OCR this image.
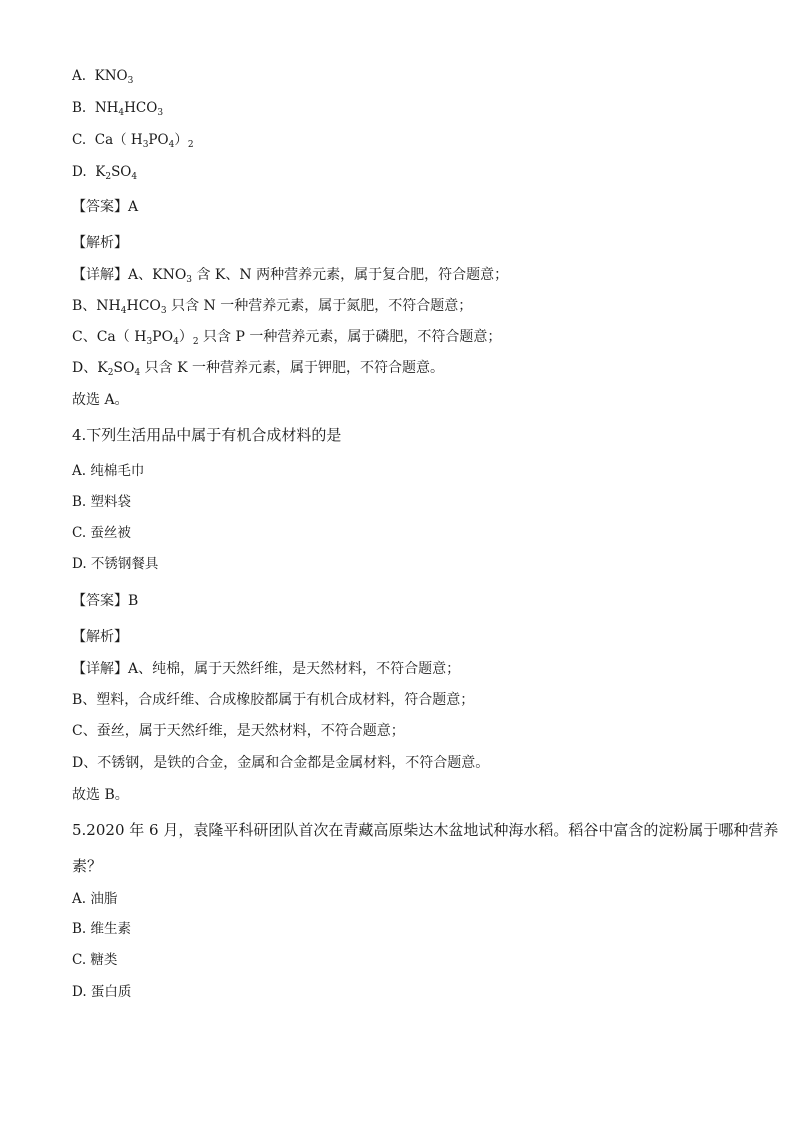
A. $KNO_3$
B. $NH_4HCO_3$
C. Ca（ $H_3PO_4)_2$
D. $K_2SO_4$
【答案】A
【解析】
【详解】A、$KNO_3$ 含 K、N 两种营养元素，属于复合肥，符合题意；
B、$NH_4HCO_3$ 只含 N 一种营养元素，属于氮肥，不符合题意；
C、Ca（ $H_3PO_4)_2$ 只含 P 一种营养元素，属于磷肥，不符合题意；
D、$K_2SO_4$ 只含 K 一种营养元素，属于钾肥，不符合题意。
故选 A。
4.下列生活用品中属于有机合成材料的是
A. 纯棉毛巾
B. 塑料袋
C. 蚕丝被
D. 不锈钢餐具
【答案】B
【解析】
【详解】A、纯棉，属于天然纤维，是天然材料，不符合题意；
B、塑料，合成纤维、合成橡胶都属于有机合成材料，符合题意；
C、蚕丝，属于天然纤维，是天然材料，不符合题意；
D、不锈钢，是铁的合金，金属和合金都是金属材料，不符合题意。
故选 B。
5.2020 年 6 月，袁隆平科研团队首次在青藏高原柴达木盆地试种海水稻。稻谷中富含的淀粉属于哪种营养
素？
A. 油脂
B. 维生素
C. 糖类
D. 蛋白质
